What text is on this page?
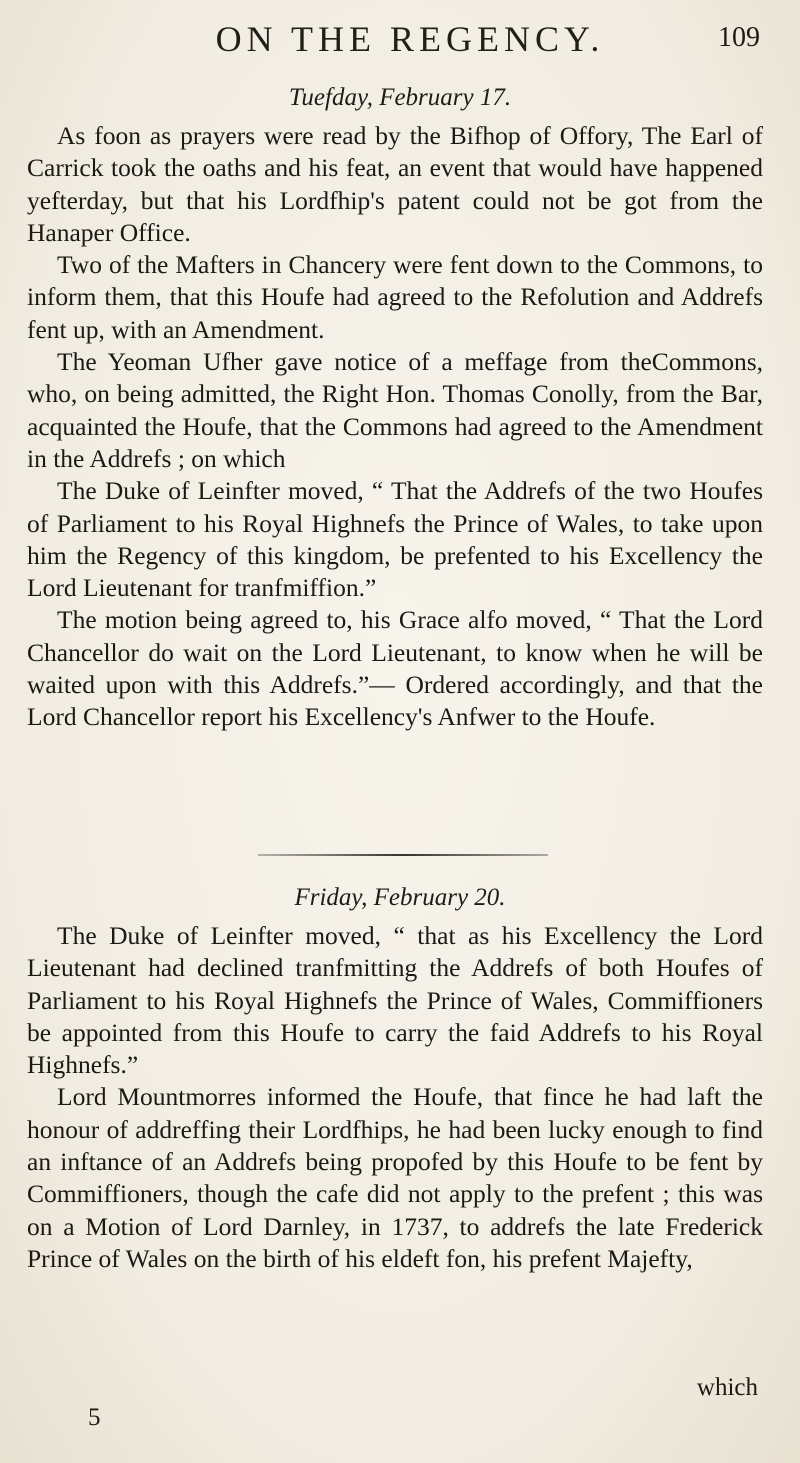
ON THE REGENCY.	109
Tuefday , February 17.

As foon as prayers were read by the Bifhop of Offory, The Earl of Carrick took the oaths and his feat, an event that would have happened yefterday, but that his Lordfhip's patent could not be got from the Hanaper Office.

Two of the Mafters in Chancery were fent down to the Commons, to inform them, that this Houfe had agreed to the Refolution and Addrefs fent up, with an Amendment.

The Yeoman Ufher gave notice of a meffage from theCommons, who, on being admitted, the Right Hon. Thomas Conolly, from the Bar, acquainted the Houfe, that the Commons had agreed to the Amendment in the Addrefs ; on which

The Duke of Leinfter moved, “ That the Addrefs of the two Houfes of Parliament to his Royal Highnefs the Prince of Wales, to take upon him the Regency of this kingdom, be prefented to his Excellency the Lord Lieutenant for tranfmiffion.”

The motion being agreed to, his Grace alfo moved, “ That the Lord Chancellor do wait on the Lord Lieutenant, to know when he will be waited upon with this Addrefs.”— Ordered accordingly, and that the Lord Chancellor report his Excellency's Anfwer to the Houfe.

Friday , February 20.

The Duke of Leinfter moved, “ that as his Excellency the Lord Lieutenant had declined tranfmitting the Addrefs of both Houfes of Parliament to his Royal Highnefs the Prince of Wales, Commiffioners be appointed from this Houfe to carry the faid Addrefs to his Royal Highnefs.”

Lord Mountmorres informed the Houfe, that fince he had laft the honour of addreffing their Lordfhips, he had been lucky enough to find an inftance of an Addrefs being propofed by this Houfe to be fent by Commiffioners, though the cafe did not apply to the prefent ; this was on a Motion of Lord Darnley, in 1737, to addrefs the late Frederick Prince of Wales on the birth of his eldeft fon, his prefent Majefty,

which
5
